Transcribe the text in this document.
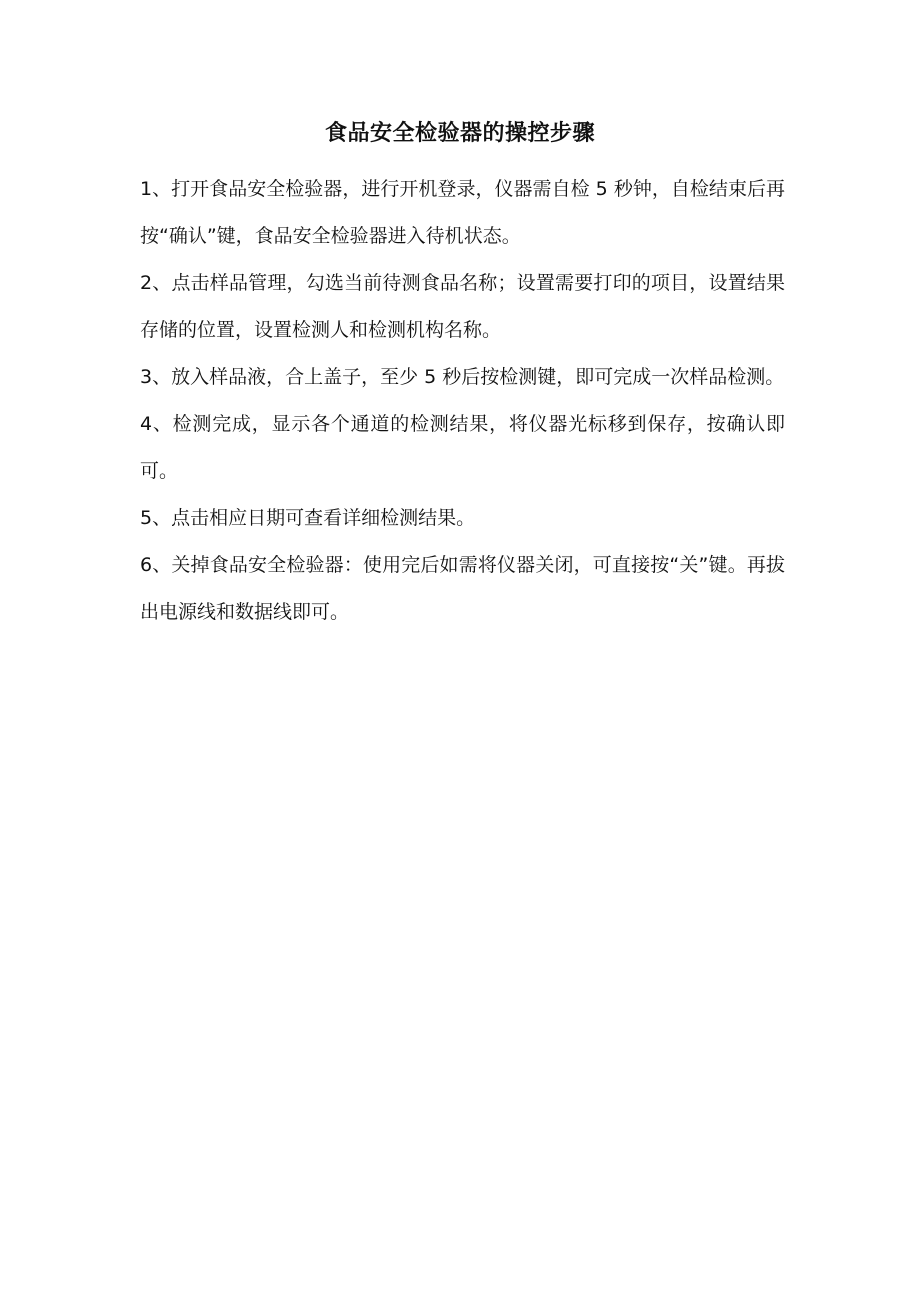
食品安全检验器的操控步骤

1、打开食品安全检验器，进行开机登录，仪器需自检 5 秒钟，自检结束后再按“确认”键，食品安全检验器进入待机状态。

2、点击样品管理，勾选当前待测食品名称；设置需要打印的项目，设置结果存储的位置，设置检测人和检测机构名称。

3、放入样品液，合上盖子，至少 5 秒后按检测键，即可完成一次样品检测。

4、检测完成，显示各个通道的检测结果，将仪器光标移到保存，按确认即可。

5、点击相应日期可查看详细检测结果。

6、关掉食品安全检验器：使用完后如需将仪器关闭，可直接按“关”键。再拔出电源线和数据线即可。
